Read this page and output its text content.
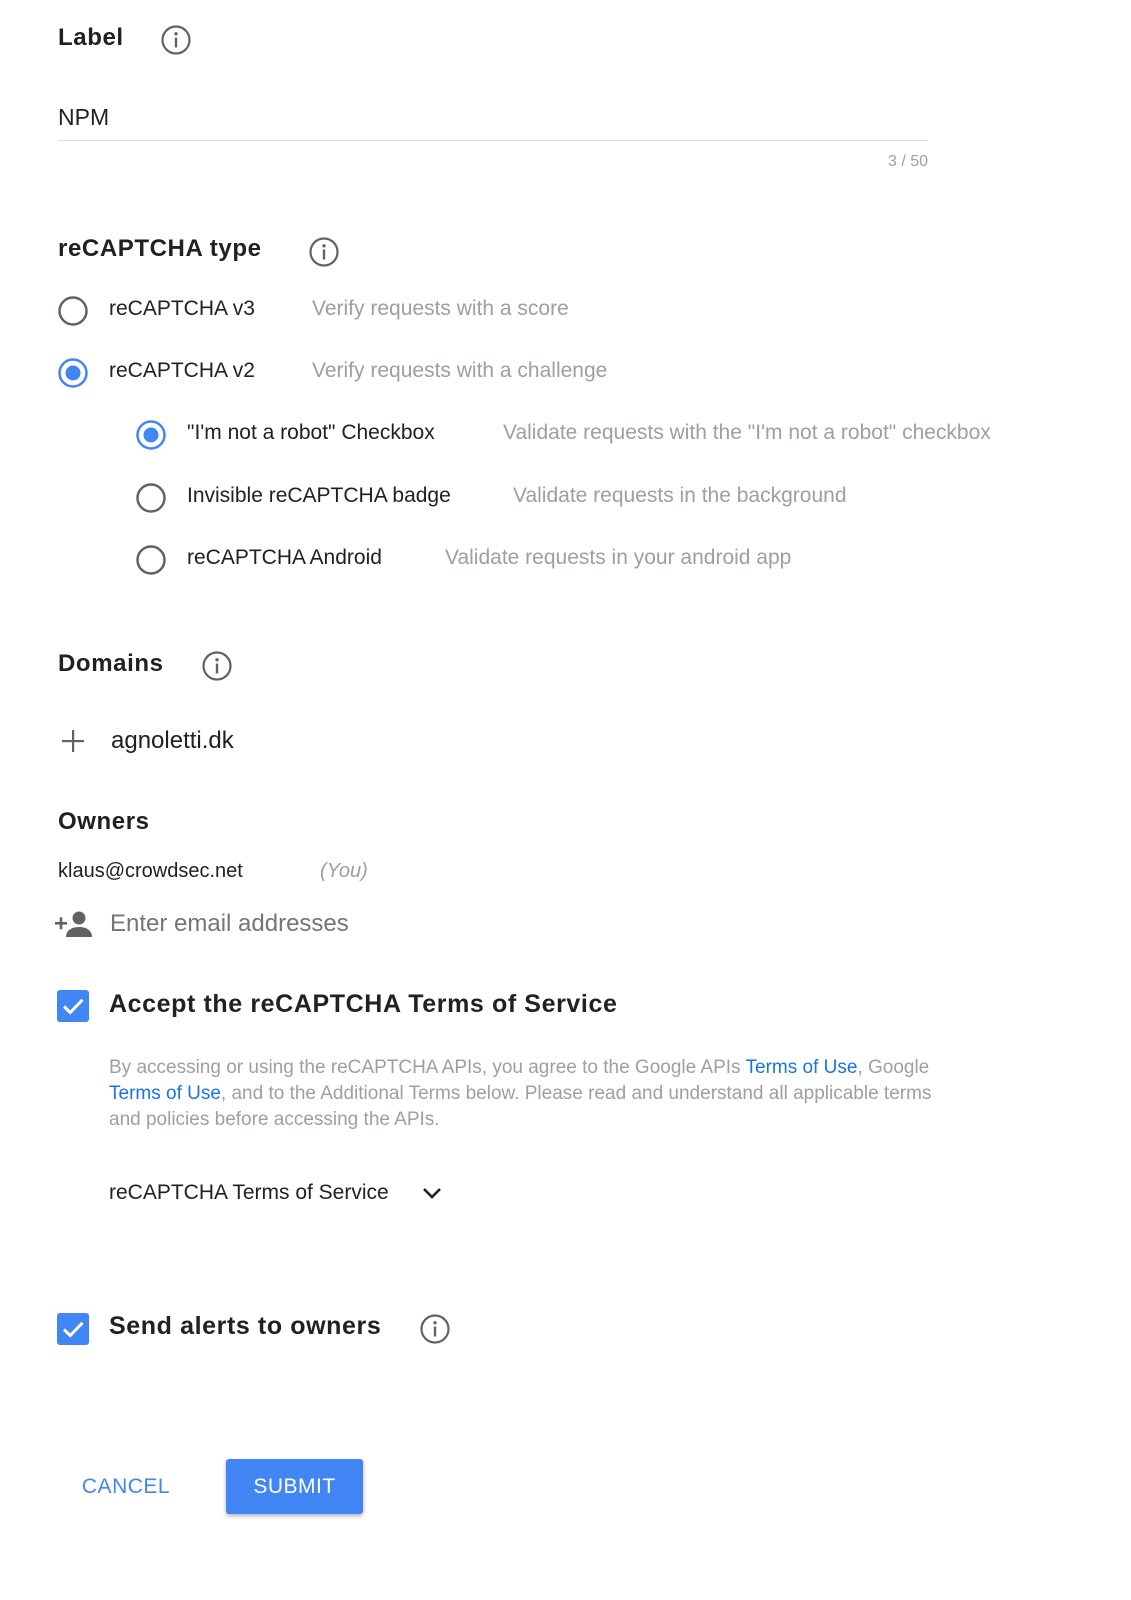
Label
NPM
3 / 50
reCAPTCHA type
reCAPTCHA v3	Verify requests with a score
reCAPTCHA v2	Verify requests with a challenge
"I'm not a robot" Checkbox	Validate requests with the "I'm not a robot" checkbox
Invisible reCAPTCHA badge	Validate requests in the background
reCAPTCHA Android	Validate requests in your android app
Domains
agnoletti.dk
Owners
klaus@crowdsec.net	(You)
Enter email addresses
Accept the reCAPTCHA Terms of Service
By accessing or using the reCAPTCHA APIs, you agree to the Google APIs Terms of Use, Google
Terms of Use, and to the Additional Terms below. Please read and understand all applicable terms
and policies before accessing the APIs.
reCAPTCHA Terms of Service
Send alerts to owners
CANCEL	SUBMIT
